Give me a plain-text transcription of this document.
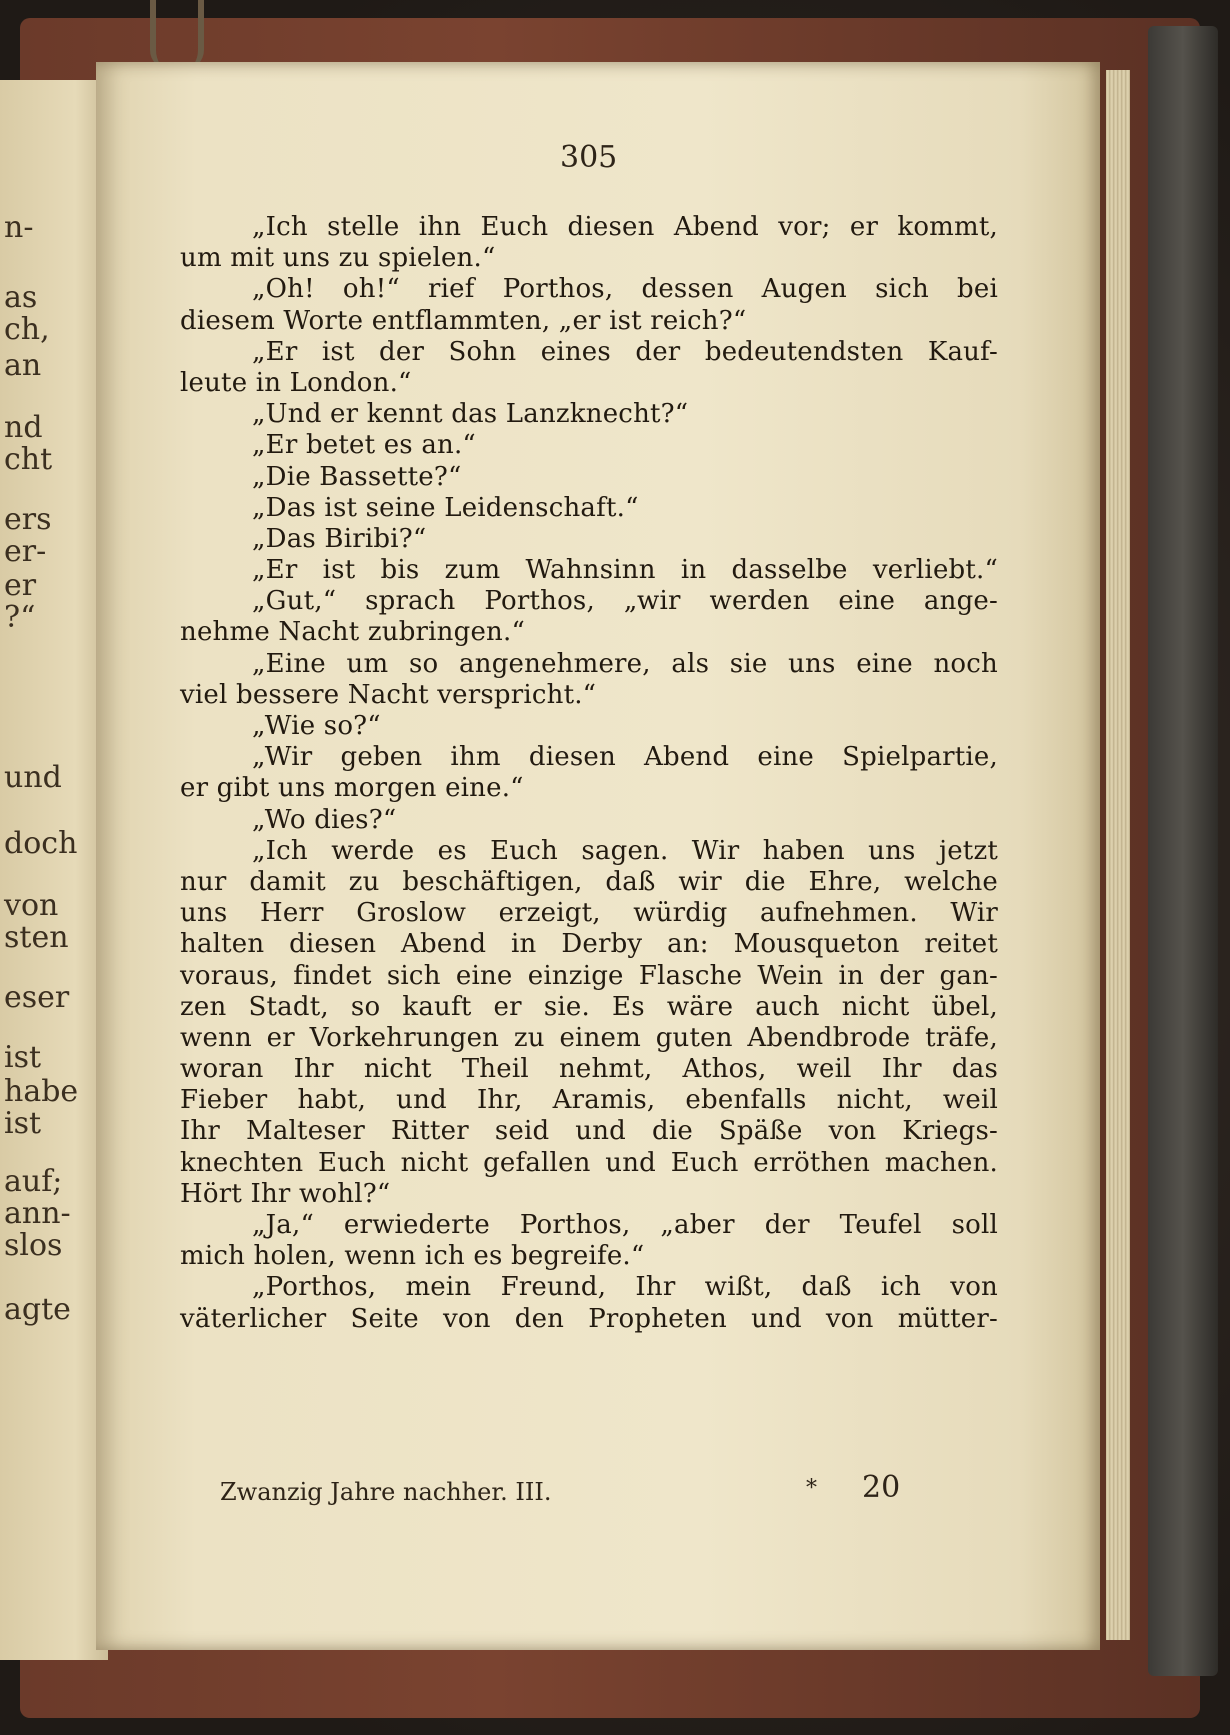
n-
as
ch,
an
nd
cht
ers
er-
er
?“
und
doch
von
sten
eser
ist
habe
ist
auf;
ann-
slos
agte
305
„Ich stelle ihn Euch diesen Abend vor; er kommt,
um mit uns zu spielen.“
„Oh! oh!“ rief Porthos, dessen Augen sich bei
diesem Worte entflammten, „er ist reich?“
„Er ist der Sohn eines der bedeutendsten Kauf-
leute in London.“
„Und er kennt das Lanzknecht?“
„Er betet es an.“
„Die Bassette?“
„Das ist seine Leidenschaft.“
„Das Biribi?“
„Er ist bis zum Wahnsinn in dasselbe verliebt.“
„Gut,“ sprach Porthos, „wir werden eine ange-
nehme Nacht zubringen.“
„Eine um so angenehmere, als sie uns eine noch
viel bessere Nacht verspricht.“
„Wie so?“
„Wir geben ihm diesen Abend eine Spielpartie,
er gibt uns morgen eine.“
„Wo dies?“
„Ich werde es Euch sagen. Wir haben uns jetzt
nur damit zu beschäftigen, daß wir die Ehre, welche
uns Herr Groslow erzeigt, würdig aufnehmen. Wir
halten diesen Abend in Derby an: Mousqueton reitet
voraus, findet sich eine einzige Flasche Wein in der gan-
zen Stadt, so kauft er sie. Es wäre auch nicht übel,
wenn er Vorkehrungen zu einem guten Abendbrode träfe,
woran Ihr nicht Theil nehmt, Athos, weil Ihr das
Fieber habt, und Ihr, Aramis, ebenfalls nicht, weil
Ihr Malteser Ritter seid und die Späße von Kriegs-
knechten Euch nicht gefallen und Euch erröthen machen.
Hört Ihr wohl?“
„Ja,“ erwiederte Porthos, „aber der Teufel soll
mich holen, wenn ich es begreife.“
„Porthos, mein Freund, Ihr wißt, daß ich von
väterlicher Seite von den Propheten und von mütter-
Zwanzig Jahre nachher. III.	* 20
